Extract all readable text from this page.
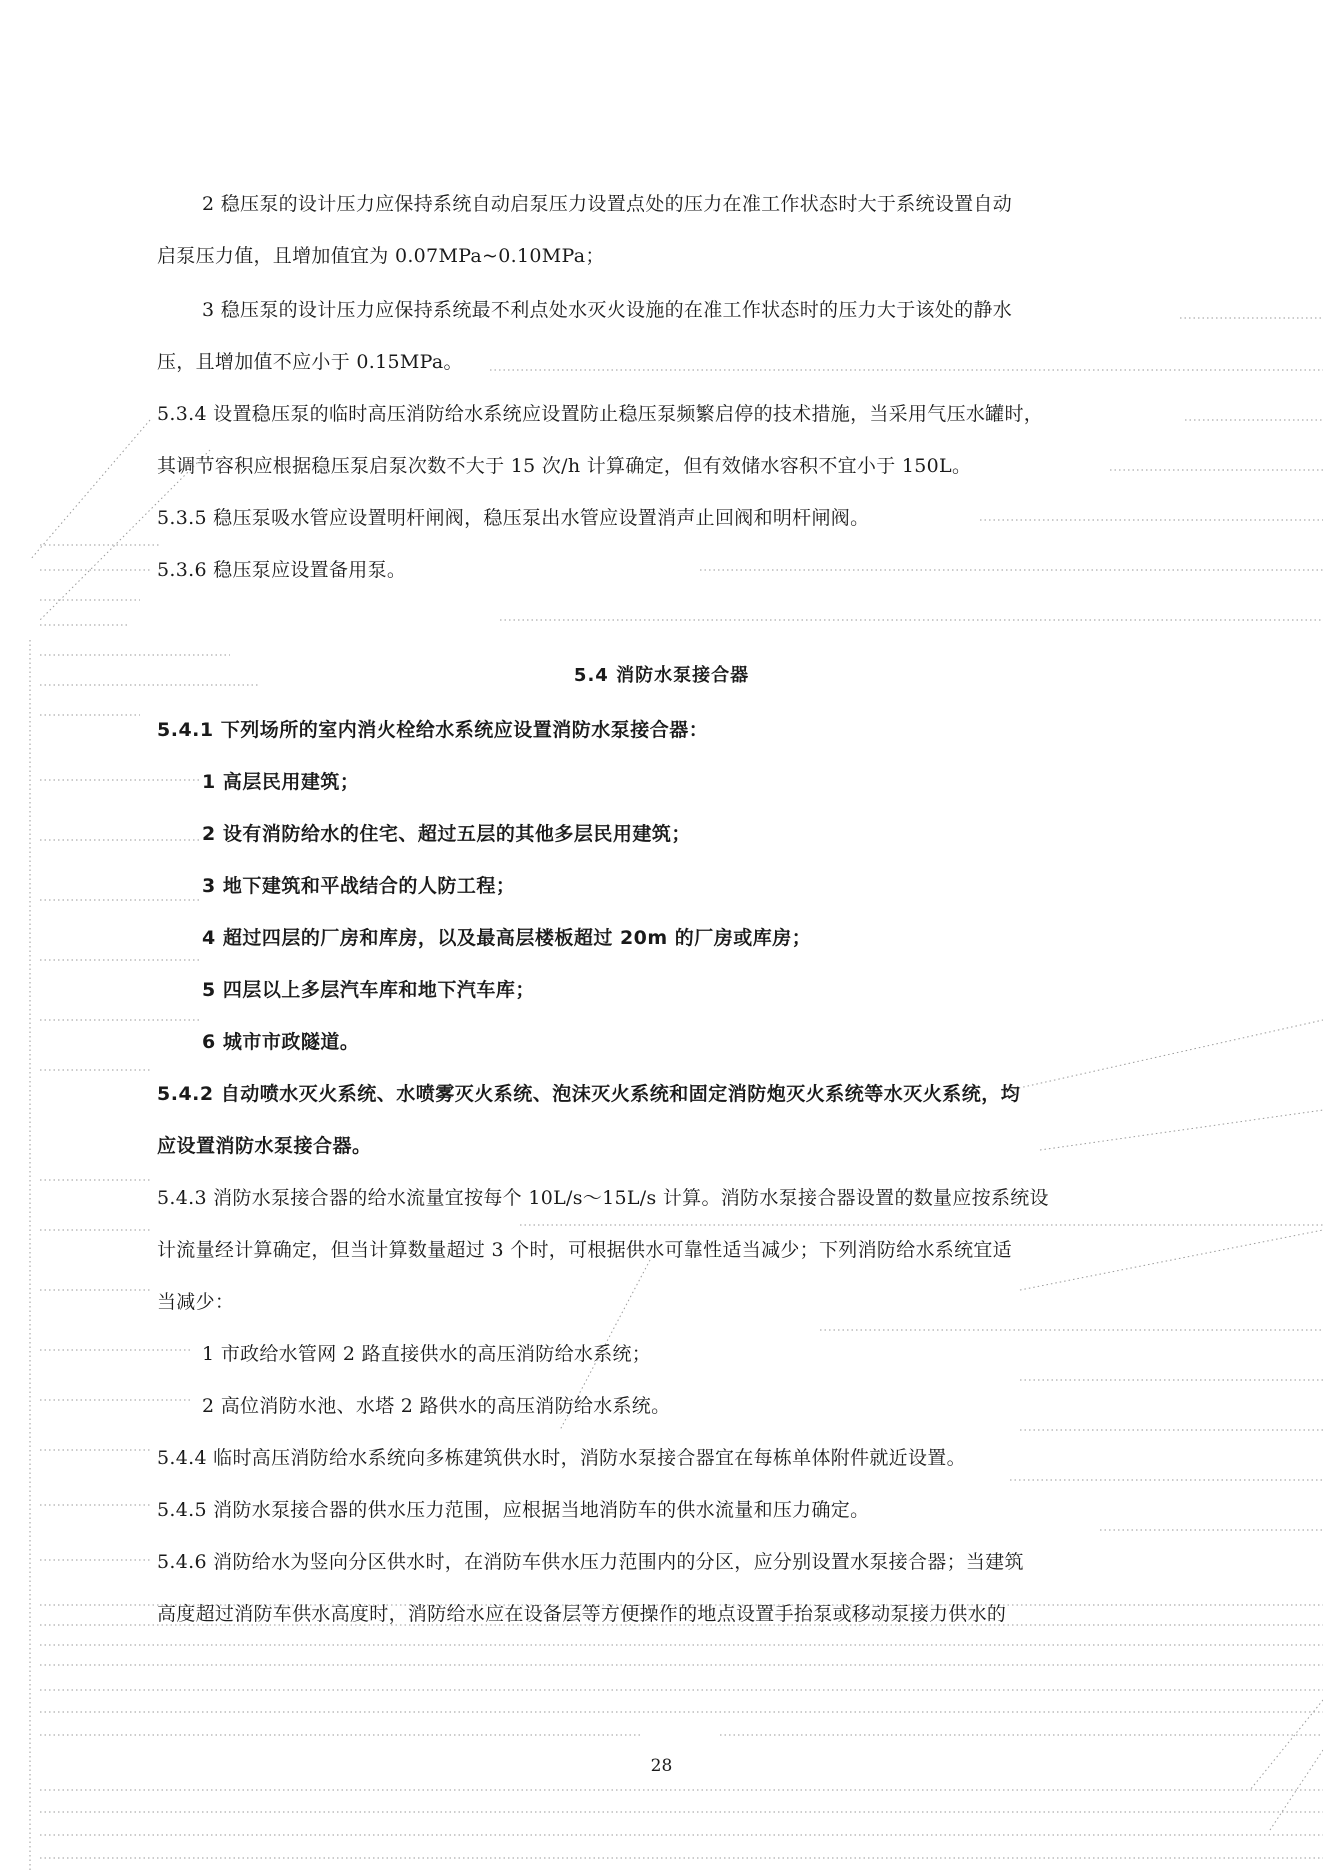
2 稳压泵的设计压力应保持系统自动启泵压力设置点处的压力在准工作状态时大于系统设置自动
启泵压力值，且增加值宜为 0.07MPa~0.10MPa；
3 稳压泵的设计压力应保持系统最不利点处水灭火设施的在准工作状态时的压力大于该处的静水
压，且增加值不应小于 0.15MPa。
5.3.4 设置稳压泵的临时高压消防给水系统应设置防止稳压泵频繁启停的技术措施，当采用气压水罐时，
其调节容积应根据稳压泵启泵次数不大于 15 次/h 计算确定，但有效储水容积不宜小于 150L。
5.3.5 稳压泵吸水管应设置明杆闸阀，稳压泵出水管应设置消声止回阀和明杆闸阀。
5.3.6 稳压泵应设置备用泵。
5.4 消防水泵接合器
5.4.1 下列场所的室内消火栓给水系统应设置消防水泵接合器：
1 高层民用建筑；
2 设有消防给水的住宅、超过五层的其他多层民用建筑；
3 地下建筑和平战结合的人防工程；
4 超过四层的厂房和库房，以及最高层楼板超过 20m 的厂房或库房；
5 四层以上多层汽车库和地下汽车库；
6 城市市政隧道。
5.4.2 自动喷水灭火系统、水喷雾灭火系统、泡沫灭火系统和固定消防炮灭火系统等水灭火系统，均
应设置消防水泵接合器。
5.4.3 消防水泵接合器的给水流量宜按每个 10L/s～15L/s 计算。消防水泵接合器设置的数量应按系统设
计流量经计算确定，但当计算数量超过 3 个时，可根据供水可靠性适当减少；下列消防给水系统宜适
当减少：
1 市政给水管网 2 路直接供水的高压消防给水系统；
2 高位消防水池、水塔 2 路供水的高压消防给水系统。
5.4.4 临时高压消防给水系统向多栋建筑供水时，消防水泵接合器宜在每栋单体附件就近设置。
5.4.5 消防水泵接合器的供水压力范围，应根据当地消防车的供水流量和压力确定。
5.4.6 消防给水为竖向分区供水时，在消防车供水压力范围内的分区，应分别设置水泵接合器；当建筑
高度超过消防车供水高度时，消防给水应在设备层等方便操作的地点设置手抬泵或移动泵接力供水的
28
